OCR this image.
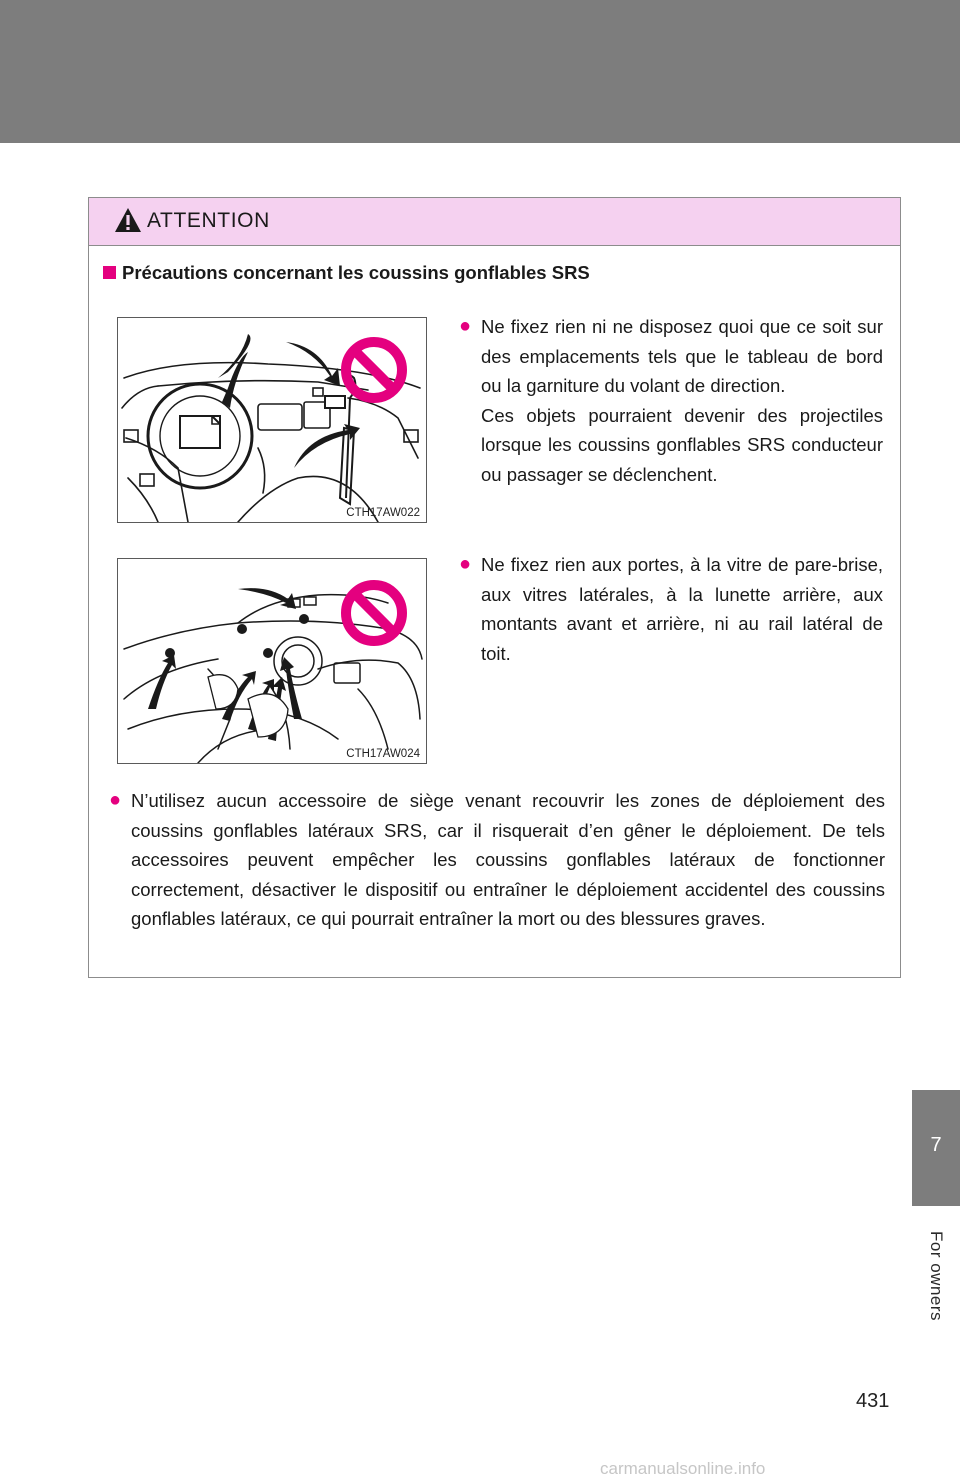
7
For owners
ATTENTION
Précautions concernant les coussins gonflables SRS
CTH17AW022
CTH17AW024
● Ne fixez rien ni ne disposez quoi que ce soit sur des emplacements tels que le tableau de bord ou la garniture du volant de direction.
Ces objets pourraient devenir des projectiles lorsque les coussins gonflables SRS conducteur ou passager se déclenchent.
● Ne fixez rien aux portes, à la vitre de pare-brise, aux vitres latérales, à la lunette arrière, aux montants avant et arrière, ni au rail latéral de toit.
● N’utilisez aucun accessoire de siège venant recouvrir les zones de déploiement des coussins gonflables latéraux SRS, car il risquerait d’en gêner le déploiement. De tels accessoires peuvent empêcher les coussins gonflables latéraux de fonctionner correctement, désactiver le dispositif ou entraîner le déploiement accidentel des coussins gonflables latéraux, ce qui pourrait entraîner la mort ou des blessures graves.
431
carmanualsonline.info
